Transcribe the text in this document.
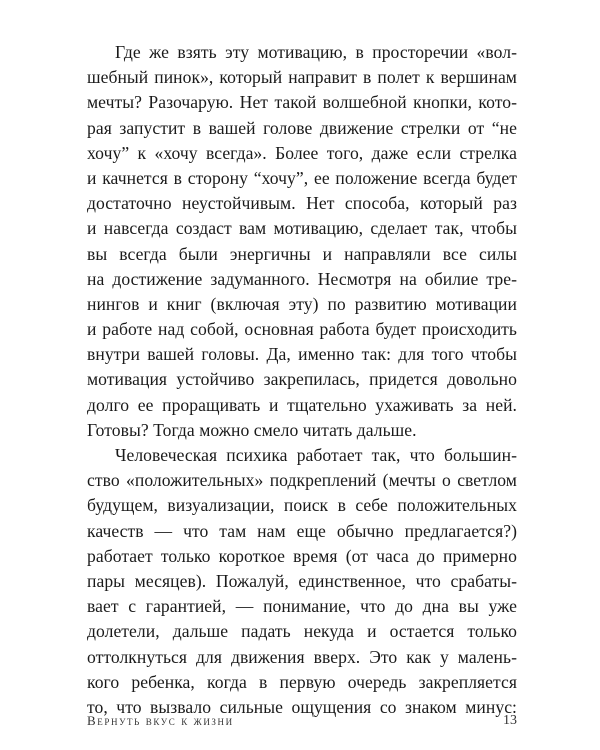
Где же взять эту мотивацию, в просторечии «вол-
шебный пинок», который направит в полет к вершинам
мечты? Разочарую. Нет такой волшебной кнопки, кото-
рая запустит в вашей голове движение стрелки от “не
хочу” к «хочу всегда». Более того, даже если стрелка
и качнется в сторону “хочу”, ее положение всегда будет
достаточно неустойчивым. Нет способа, который раз
и навсегда создаст вам мотивацию, сделает так, чтобы
вы всегда были энергичны и направляли все силы
на достижение задуманного. Несмотря на обилие тре-
нингов и книг (включая эту) по развитию мотивации
и работе над собой, основная работа будет происходить
внутри вашей головы. Да, именно так: для того чтобы
мотивация устойчиво закрепилась, придется довольно
долго ее проращивать и тщательно ухаживать за ней.
Готовы? Тогда можно смело читать дальше.
Человеческая психика работает так, что большин-
ство «положительных» подкреплений (мечты о светлом
будущем, визуализации, поиск в себе положительных
качеств — что там нам еще обычно предлагается?)
работает только короткое время (от часа до примерно
пары месяцев). Пожалуй, единственное, что срабаты-
вает с гарантией, — понимание, что до дна вы уже
долетели, дальше падать некуда и остается только
оттолкнуться для движения вверх. Это как у малень-
кого ребенка, когда в первую очередь закрепляется
то, что вызвало сильные ощущения со знаком минус:
Вернуть вкус к жизни	13
